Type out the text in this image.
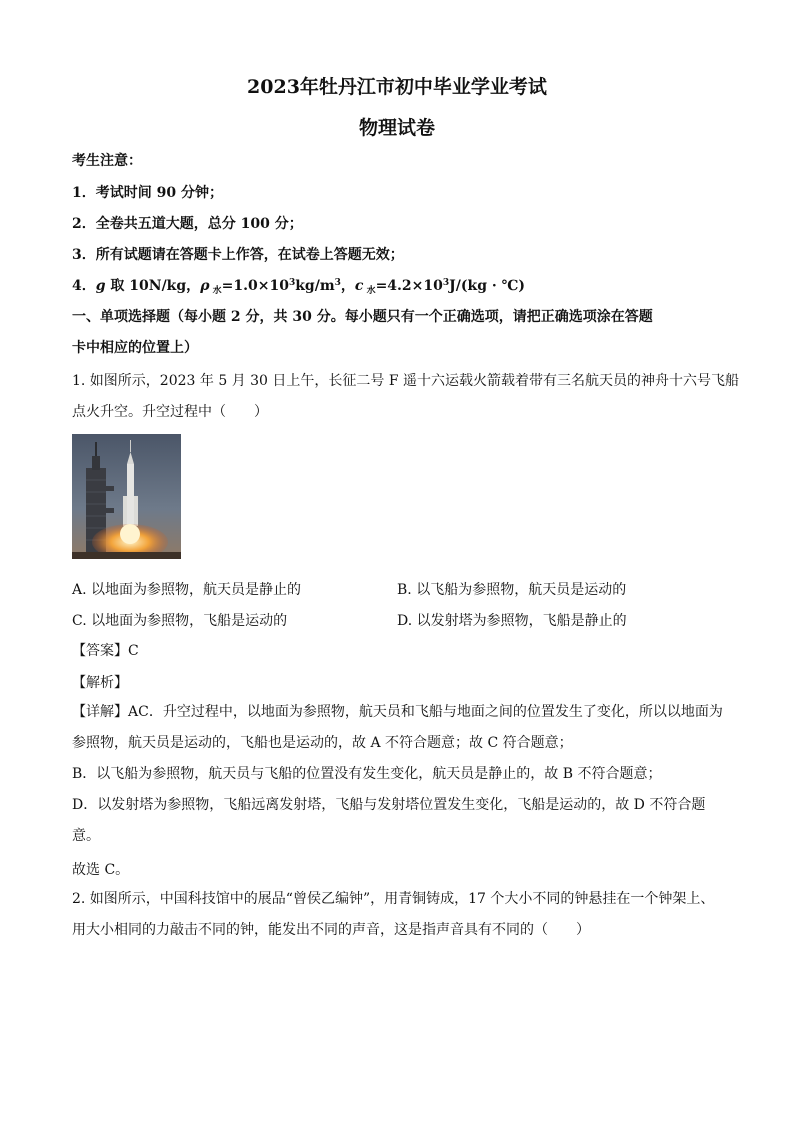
2023年牡丹江市初中毕业学业考试
物理试卷
考生注意：
1．考试时间 90 分钟；
2．全卷共五道大题，总分 100 分；
3．所有试题请在答题卡上作答，在试卷上答题无效；
4．g 取 10N/kg，ρ $_水=1.0\times 10^3kg/m^3$，c $_水=4.2\times 10^3J/(kg$ · ℃)
一、单项选择题（每小题 2 分，共 30 分。每小题只有一个正确选项，请把正确选项涂在答题
卡中相应的位置上）
1. 如图所示，2023 年 5 月 30 日上午，长征二号 F 遥十六运载火箭载着带有三名航天员的神舟十六号飞船
点火升空。升空过程中（　　）
A. 以地面为参照物，航天员是静止的	B. 以飞船为参照物，航天员是运动的
C. 以地面为参照物，飞船是运动的	D. 以发射塔为参照物，飞船是静止的
【答案】C
【解析】
【详解】AC．升空过程中，以地面为参照物，航天员和飞船与地面之间的位置发生了变化，所以以地面为参照物，航天员是运动的，飞船也是运动的，故 A 不符合题意；故 C 符合题意；
B．以飞船为参照物，航天员与飞船的位置没有发生变化，航天员是静止的，故 B 不符合题意；
D．以发射塔为参照物，飞船远离发射塔，飞船与发射塔位置发生变化，飞船是运动的，故 D 不符合题意。
故选 C。
2. 如图所示，中国科技馆中的展品“曾侯乙编钟”，用青铜铸成，17 个大小不同的钟悬挂在一个钟架上、用大小相同的力敲击不同的钟，能发出不同的声音，这是指声音具有不同的（　　）
